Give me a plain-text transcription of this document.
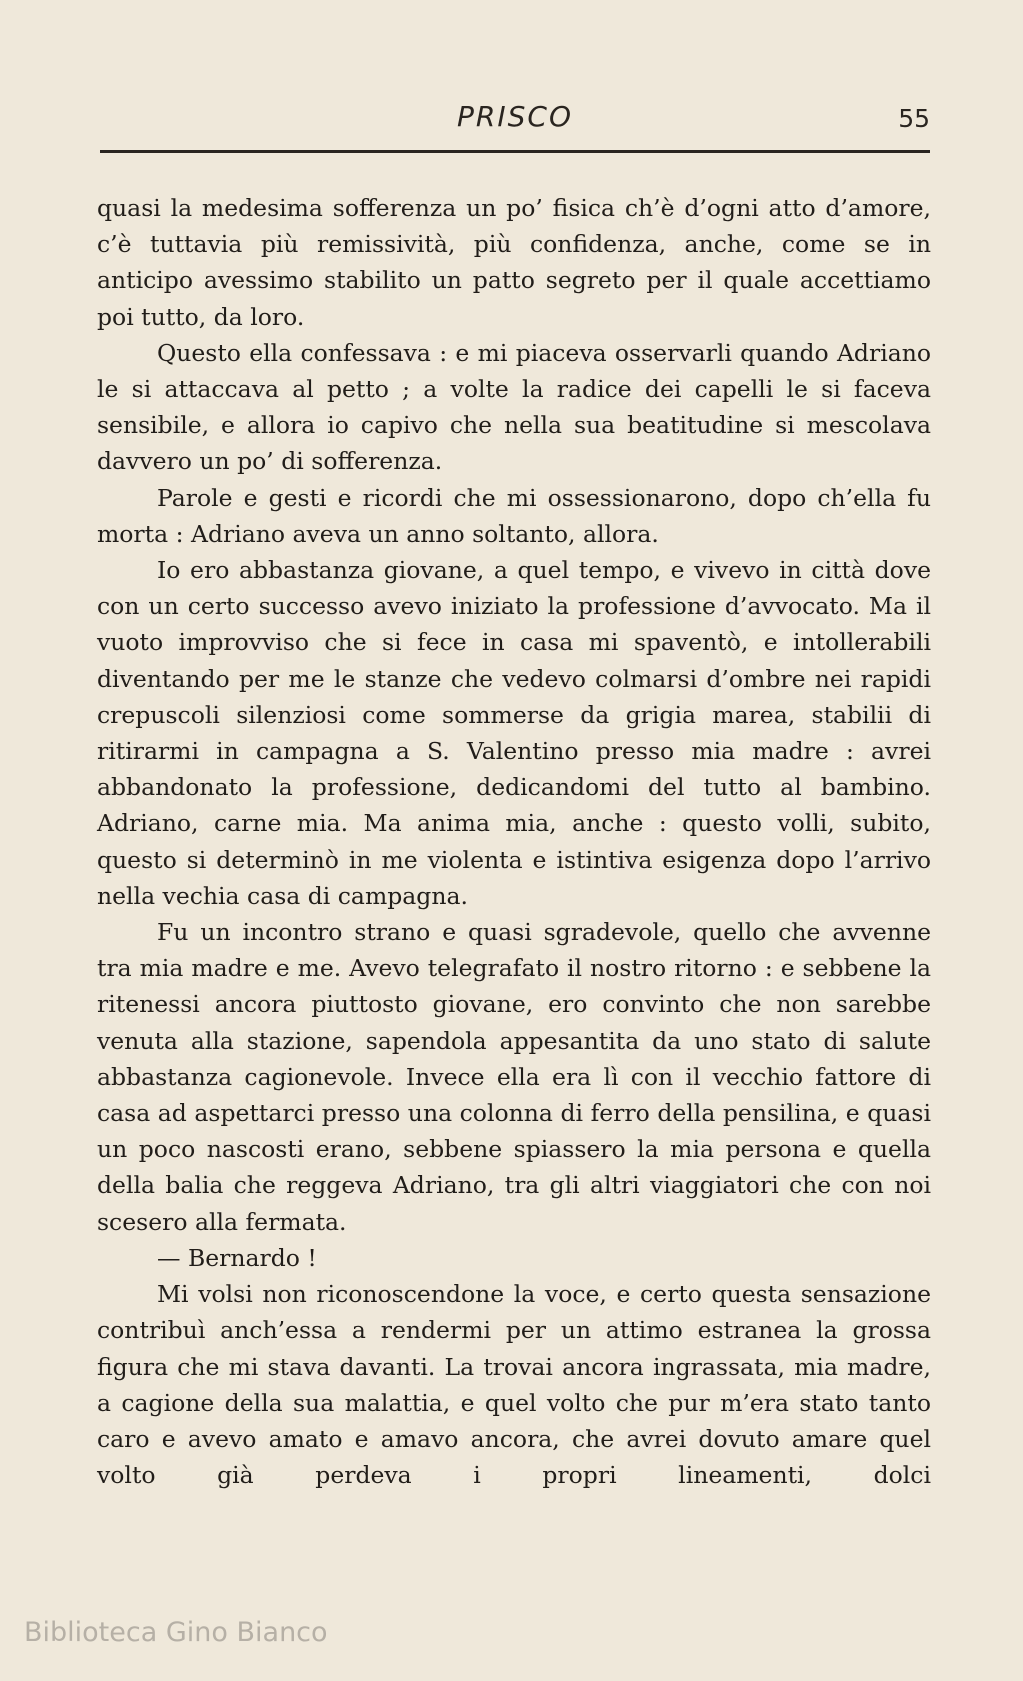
PRISCO	55

quasi la medesima sofferenza un po’ fisica ch’è d’ogni atto d’amore, c’è tuttavia più remissività, più confidenza, anche, come se in anticipo avessimo stabilito un patto segreto per il quale accettiamo poi tutto, da loro.

Questo ella confessava : e mi piaceva osservarli quando Adriano le si attaccava al petto ; a volte la radice dei capelli le si faceva sensibile, e allora io capivo che nella sua beatitudine si mescolava davvero un po’ di sofferenza.

Parole e gesti e ricordi che mi ossessionarono, dopo ch’ella fu morta : Adriano aveva un anno soltanto, allora.

Io ero abbastanza giovane, a quel tempo, e vivevo in città dove con un certo successo avevo iniziato la professione d’avvocato. Ma il vuoto improvviso che si fece in casa mi spaventò, e intollerabili diventando per me le stanze che vedevo colmarsi d’ombre nei rapidi crepuscoli silenziosi come sommerse da grigia marea, stabilii di ritirarmi in campagna a S. Valentino presso mia madre : avrei abbandonato la professione, dedicandomi del tutto al bambino. Adriano, carne mia. Ma anima mia, anche : questo volli, subito, questo si determinò in me violenta e istintiva esigenza dopo l’arrivo nella vechia casa di campagna.

Fu un incontro strano e quasi sgradevole, quello che avvenne tra mia madre e me. Avevo telegrafato il nostro ritorno : e sebbene la ritenessi ancora piuttosto giovane, ero convinto che non sarebbe venuta alla stazione, sapendola appesantita da uno stato di salute abbastanza cagionevole. Invece ella era lì con il vecchio fattore di casa ad aspettarci presso una colonna di ferro della pensilina, e quasi un poco nascosti erano, sebbene spiassero la mia persona e quella della balia che reggeva Adriano, tra gli altri viaggiatori che con noi scesero alla fermata.

— Bernardo !

Mi volsi non riconoscendone la voce, e certo questa sensazione contribuì anch’essa a rendermi per un attimo estranea la grossa figura che mi stava davanti. La trovai ancora ingrassata, mia madre, a cagione della sua malattia, e quel volto che pur m’era stato tanto caro e avevo amato e amavo ancora, che avrei dovuto amare quel volto già perdeva i propri lineamenti, dolci

Biblioteca Gino Bianco
